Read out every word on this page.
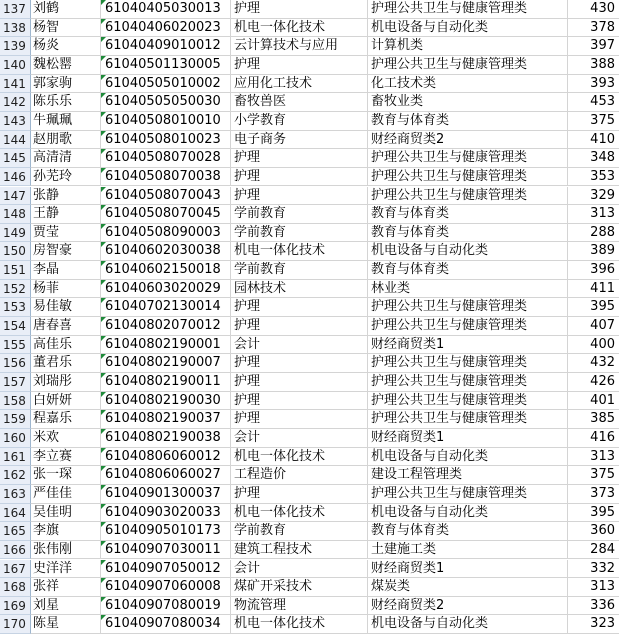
137 刘鹤	61040405030013	护理	护理公共卫生与健康管理类	430
138 杨智	61040406020023	机电一体化技术	机电设备与自动化类	378
139 杨炎	61040409010012	云计算技术与应用	计算机类	397
140 魏松罂	61040501130005	护理	护理公共卫生与健康管理类	388
141 郭家驹	61040505010002	应用化工技术	化工技术类	393
142 陈乐乐	61040505050030	畜牧兽医	畜牧业类	453
143 牛珮珮	61040508010010	小学教育	教育与体育类	375
144 赵朋歌	61040508010023	电子商务	财经商贸类2	410
145 高清清	61040508070028	护理	护理公共卫生与健康管理类	348
146 孙芜玲	61040508070038	护理	护理公共卫生与健康管理类	353
147 张静	61040508070043	护理	护理公共卫生与健康管理类	329
148 王静	61040508070045	学前教育	教育与体育类	313
149 贾莹	61040508090003	学前教育	教育与体育类	288
150 房智豪	61040602030038	机电一体化技术	机电设备与自动化类	389
151 李晶	61040602150018	学前教育	教育与体育类	396
152 杨菲	61040603020029	园林技术	林业类	411
153 易佳敏	61040702130014	护理	护理公共卫生与健康管理类	395
154 唐春喜	61040802070012	护理	护理公共卫生与健康管理类	407
155 高佳乐	61040802190001	会计	财经商贸类1	400
156 董君乐	61040802190007	护理	护理公共卫生与健康管理类	432
157 刘瑞彤	61040802190011	护理	护理公共卫生与健康管理类	426
158 白妍妍	61040802190030	护理	护理公共卫生与健康管理类	401
159 程嘉乐	61040802190037	护理	护理公共卫生与健康管理类	385
160 米欢	61040802190038	会计	财经商贸类1	416
161 李立赛	61040806060012	机电一体化技术	机电设备与自动化类	313
162 张一琛	61040806060027	工程造价	建设工程管理类	375
163 严佳佳	61040901300037	护理	护理公共卫生与健康管理类	373
164 吴佳明	61040903020033	机电一体化技术	机电设备与自动化类	395
165 李旗	61040905010173	学前教育	教育与体育类	360
166 张伟刚	61040907030011	建筑工程技术	土建施工类	284
167 史洋洋	61040907050012	会计	财经商贸类1	332
168 张祥	61040907060008	煤矿开采技术	煤炭类	313
169 刘星	61040907080019	物流管理	财经商贸类2	336
170 陈星	61040907080034	机电一体化技术	机电设备与自动化类	323
